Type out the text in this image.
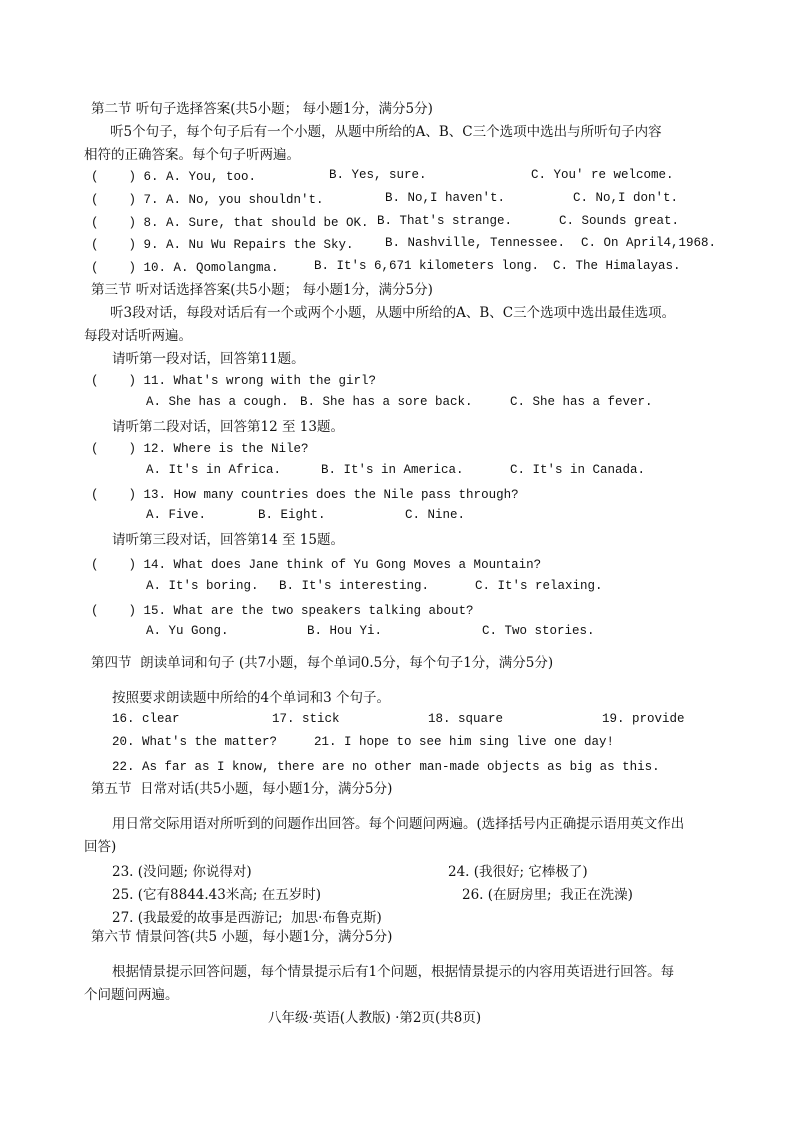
第二节 听句子选择答案(共5小题； 每小题1分，满分5分)
听5个句子，每个句子后有一个小题，从题中所给的A、B、C三个选项中选出与所听句子内容
相符的正确答案。每个句子听两遍。
(    ) 6. A. You, too.	B. Yes, sure.	C. You' re welcome.
(    ) 7. A. No, you shouldn't.	B. No,I haven't.	C. No,I don't.
(    ) 8. A. Sure, that should be OK. B. That's strange.	C. Sounds great.
(    ) 9. A. Nu Wu Repairs the Sky.	B. Nashville, Tennessee. C. On April4,1968.
(    ) 10. A. Qomolangma.	B. It's 6,671 kilometers long. C. The Himalayas.
第三节 听对话选择答案(共5小题； 每小题1分，满分5分)
听3段对话，每段对话后有一个或两个小题，从题中所给的A、B、C三个选项中选出最佳选项。
每段对话听两遍。
请听第一段对话，回答第11题。
(    ) 11. What's wrong with the girl?
A. She has a cough. B. She has a sore back.	C. She has a fever.
请听第二段对话，回答第12 至 13题。
(    ) 12. Where is the Nile?
A. It's in Africa.	B. It's in America.	C. It's in Canada.
(    ) 13. How many countries does the Nile pass through?
A. Five.	B. Eight.	C. Nine.
请听第三段对话，回答第14 至 15题。
(    ) 14. What does Jane think of Yu Gong Moves a Mountain?
A. It's boring. B. It's interesting.	C. It's relaxing.
(    ) 15. What are the two speakers talking about?
A. Yu Gong.	B. Hou Yi.	C. Two stories.
第四节  朗读单词和句子 (共7小题，每个单词0.5分，每个句子1分，满分5分)
按照要求朗读题中所给的4个单词和3 个句子。
16. clear	17. stick	18. square	19. provide
20. What's the matter?	21. I hope to see him sing live one day!
22. As far as I know, there are no other man-made objects as big as this.
第五节  日常对话(共5小题，每小题1分，满分5分)
用日常交际用语对所听到的问题作出回答。每个问题问两遍。(选择括号内正确提示语用英文作出
回答)
23. (没问题; 你说得对)	24. (我很好; 它棒极了)
25. (它有8844.43米高; 在五岁时)	26. (在厨房里;  我正在洗澡)
27. (我最爱的故事是西游记;  加思·布鲁克斯)
第六节 情景问答(共5 小题，每小题1分，满分5分)
根据情景提示回答问题，每个情景提示后有1个问题，根据情景提示的内容用英语进行回答。每
个问题问两遍。
八年级·英语(人教版) ·第2页(共8页)
